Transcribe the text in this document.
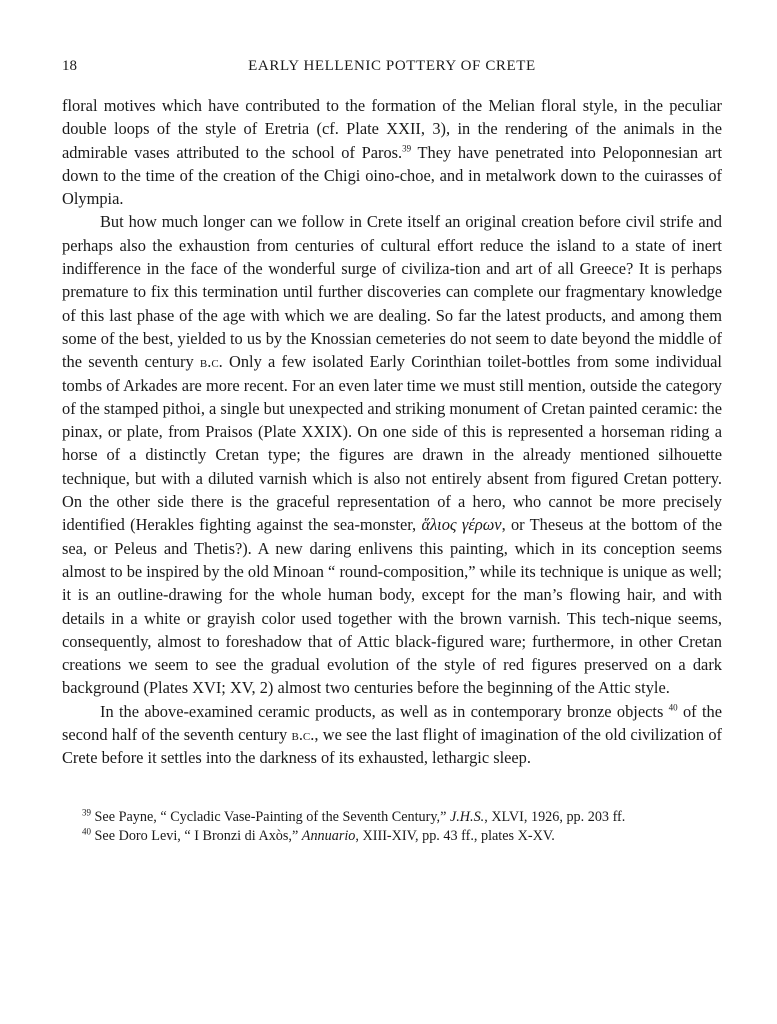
18	EARLY HELLENIC POTTERY OF CRETE

floral motives which have contributed to the formation of the Melian floral style, in the peculiar double loops of the style of Eretria (cf. Plate XXII, 3), in the rendering of the animals in the admirable vases attributed to the school of Paros.$^{39}$ They have penetrated into Peloponnesian art down to the time of the creation of the Chigi oino-choe, and in metalwork down to the cuirasses of Olympia.

But how much longer can we follow in Crete itself an original creation before civil strife and perhaps also the exhaustion from centuries of cultural effort reduce the island to a state of inert indifference in the face of the wonderful surge of civiliza-tion and art of all Greece? It is perhaps premature to fix this termination until further discoveries can complete our fragmentary knowledge of this last phase of the age with which we are dealing. So far the latest products, and among them some of the best, yielded to us by the Knossian cemeteries do not seem to date beyond the middle of the seventh century b.c. Only a few isolated Early Corinthian toilet-bottles from some individual tombs of Arkades are more recent. For an even later time we must still mention, outside the category of the stamped pithoi, a single but unexpected and striking monument of Cretan painted ceramic: the pinax, or plate, from Praisos (Plate XXIX). On one side of this is represented a horseman riding a horse of a distinctly Cretan type; the figures are drawn in the already mentioned silhouette technique, but with a diluted varnish which is also not entirely absent from figured Cretan pottery. On the other side there is the graceful representation of a hero, who cannot be more precisely identified (Herakles fighting against the sea-monster, ἅλιος γέρων, or Theseus at the bottom of the sea, or Peleus and Thetis?). A new daring enlivens this painting, which in its conception seems almost to be inspired by the old Minoan “ round-composition,” while its technique is unique as well; it is an outline-drawing for the whole human body, except for the man’s flowing hair, and with details in a white or grayish color used together with the brown varnish. This tech-nique seems, consequently, almost to foreshadow that of Attic black-figured ware; furthermore, in other Cretan creations we seem to see the gradual evolution of the style of red figures preserved on a dark background (Plates XVI; XV, 2) almost two centuries before the beginning of the Attic style.

In the above-examined ceramic products, as well as in contemporary bronze objects $^{40}$ of the second half of the seventh century b.c., we see the last flight of imagination of the old civilization of Crete before it settles into the darkness of its exhausted, lethargic sleep.

$^{39}$ See Payne, “ Cycladic Vase-Painting of the Seventh Century,” J.H.S., XLVI, 1926, pp. 203 ff.

$^{40}$ See Doro Levi, “ I Bronzi di Axòs,” Annuario, XIII-XIV, pp. 43 ff., plates X-XV.
